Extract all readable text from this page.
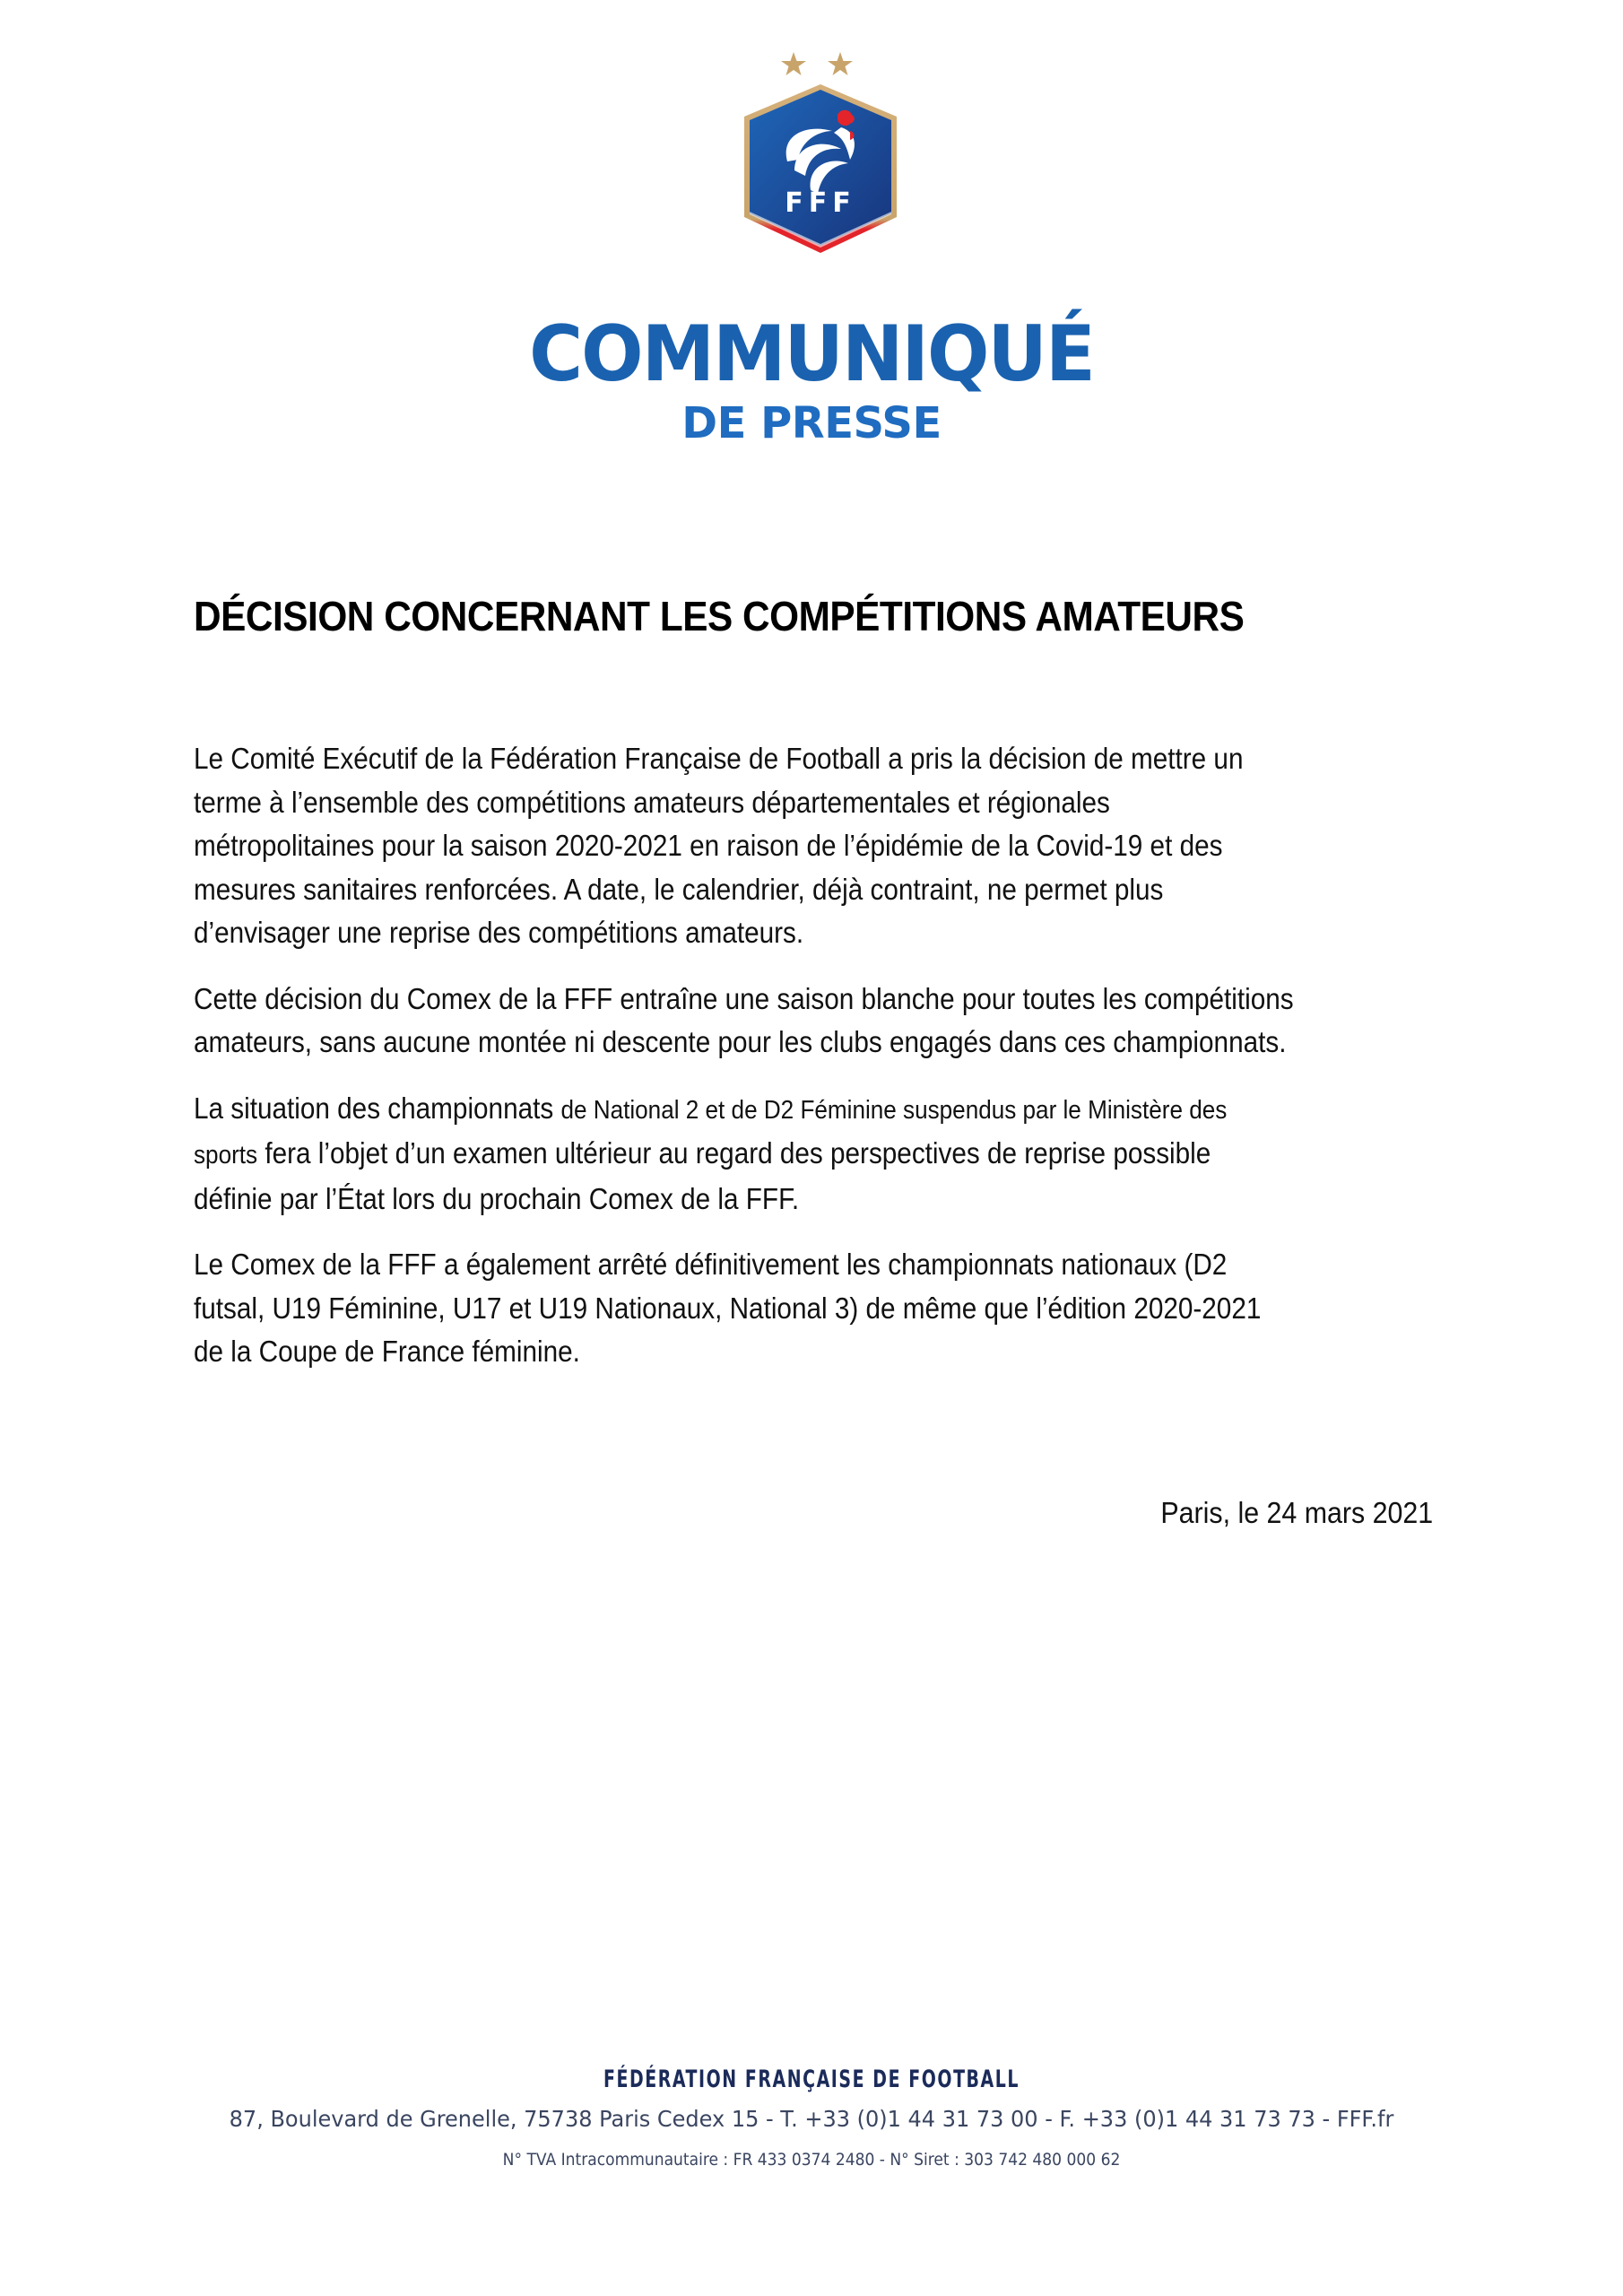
FFF
COMMUNIQUÉ
DE PRESSE
DÉCISION CONCERNANT LES COMPÉTITIONS AMATEURS

Le Comité Exécutif de la Fédération Française de Football a pris la décision de mettre un
terme à l’ensemble des compétitions amateurs départementales et régionales
métropolitaines pour la saison 2020-2021 en raison de l’épidémie de la Covid-19 et des
mesures sanitaires renforcées. A date, le calendrier, déjà contraint, ne permet plus
d’envisager une reprise des compétitions amateurs.

Cette décision du Comex de la FFF entraîne une saison blanche pour toutes les compétitions
amateurs, sans aucune montée ni descente pour les clubs engagés dans ces championnats.

La situation des championnats de National 2 et de D2 Féminine suspendus par le Ministère des
sports fera l’objet d’un examen ultérieur au regard des perspectives de reprise possible
définie par l’État lors du prochain Comex de la FFF.

Le Comex de la FFF a également arrêté définitivement les championnats nationaux (D2
futsal, U19 Féminine, U17 et U19 Nationaux, National 3) de même que l’édition 2020-2021
de la Coupe de France féminine.

Paris, le 24 mars 2021
FÉDÉRATION FRANÇAISE DE FOOTBALL
87, Boulevard de Grenelle, 75738 Paris Cedex 15 - T. +33 (0)1 44 31 73 00 - F. +33 (0)1 44 31 73 73 - FFF.fr
N° TVA Intracommunautaire : FR 433 0374 2480 - N° Siret : 303 742 480 000 62
